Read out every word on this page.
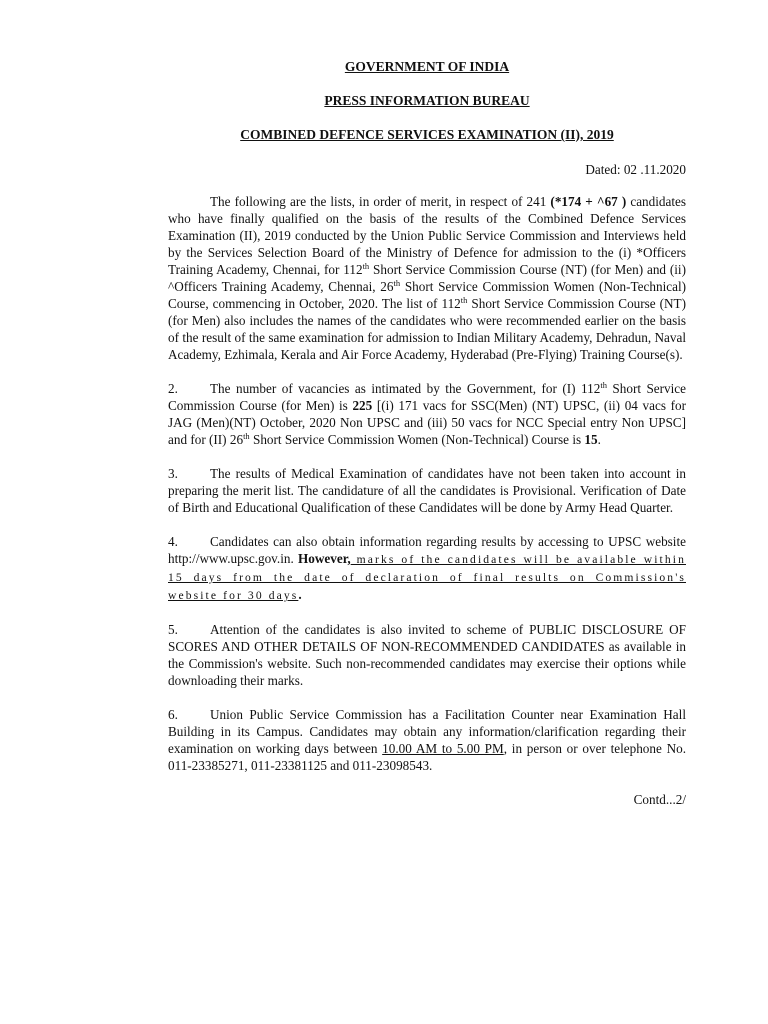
GOVERNMENT OF INDIA
PRESS INFORMATION BUREAU
COMBINED DEFENCE SERVICES EXAMINATION (II), 2019
Dated: 02 .11.2020

The following are the lists, in order of merit, in respect of 241 (*174 + ^67 ) candidates who have finally qualified on the basis of the results of the Combined Defence Services Examination (II), 2019 conducted by the Union Public Service Commission and Interviews held by the Services Selection Board of the Ministry of Defence for admission to the (i) *Officers Training Academy, Chennai, for 112th Short Service Commission Course (NT) (for Men) and (ii) ^Officers Training Academy, Chennai, 26th Short Service Commission Women (Non-Technical) Course, commencing in October, 2020. The list of 112th Short Service Commission Course (NT) (for Men) also includes the names of the candidates who were recommended earlier on the basis of the result of the same examination for admission to Indian Military Academy, Dehradun, Naval Academy, Ezhimala, Kerala and Air Force Academy, Hyderabad (Pre-Flying) Training Course(s).

2. The number of vacancies as intimated by the Government, for (I) 112th Short Service Commission Course (for Men) is 225 [(i) 171 vacs for SSC(Men) (NT) UPSC, (ii) 04 vacs for JAG (Men)(NT) October, 2020 Non UPSC and (iii) 50 vacs for NCC Special entry Non UPSC] and for (II) 26th Short Service Commission Women (Non-Technical) Course is 15.

3. The results of Medical Examination of candidates have not been taken into account in preparing the merit list. The candidature of all the candidates is Provisional. Verification of Date of Birth and Educational Qualification of these Candidates will be done by Army Head Quarter.

4. Candidates can also obtain information regarding results by accessing to UPSC website http://www.upsc.gov.in. However, marks of the candidates will be available within 15 days from the date of declaration of final results on Commission's website for 30 days.

5. Attention of the candidates is also invited to scheme of PUBLIC DISCLOSURE OF SCORES AND OTHER DETAILS OF NON-RECOMMENDED CANDIDATES as available in the Commission's website. Such non-recommended candidates may exercise their options while downloading their marks.

6. Union Public Service Commission has a Facilitation Counter near Examination Hall Building in its Campus. Candidates may obtain any information/clarification regarding their examination on working days between 10.00 AM to 5.00 PM, in person or over telephone No. 011-23385271, 011-23381125 and 011-23098543.

Contd...2/
